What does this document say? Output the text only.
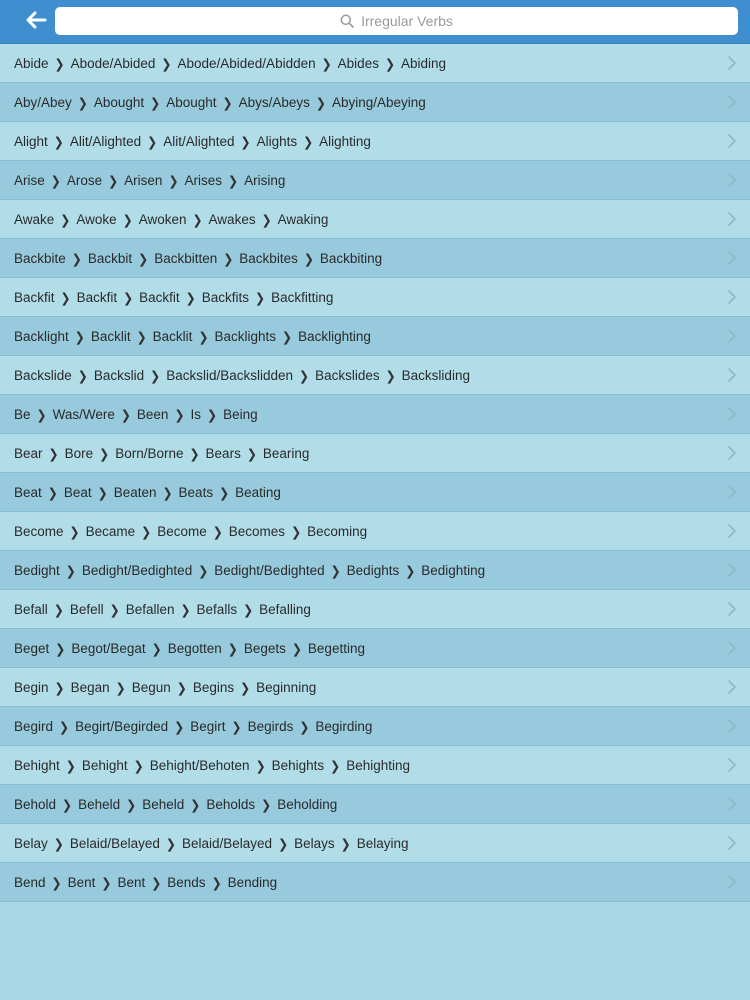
Irregular Verbs
Abide ❯ Abode/Abided ❯ Abode/Abided/Abidden ❯ Abides ❯ Abiding
Aby/Abey ❯ Abought ❯ Abought ❯ Abys/Abeys ❯ Abying/Abeying
Alight ❯ Alit/Alighted ❯ Alit/Alighted ❯ Alights ❯ Alighting
Arise ❯ Arose ❯ Arisen ❯ Arises ❯ Arising
Awake ❯ Awoke ❯ Awoken ❯ Awakes ❯ Awaking
Backbite ❯ Backbit ❯ Backbitten ❯ Backbites ❯ Backbiting
Backfit ❯ Backfit ❯ Backfit ❯ Backfits ❯ Backfitting
Backlight ❯ Backlit ❯ Backlit ❯ Backlights ❯ Backlighting
Backslide ❯ Backslid ❯ Backslid/Backslidden ❯ Backslides ❯ Backsliding
Be ❯ Was/Were ❯ Been ❯ Is ❯ Being
Bear ❯ Bore ❯ Born/Borne ❯ Bears ❯ Bearing
Beat ❯ Beat ❯ Beaten ❯ Beats ❯ Beating
Become ❯ Became ❯ Become ❯ Becomes ❯ Becoming
Bedight ❯ Bedight/Bedighted ❯ Bedight/Bedighted ❯ Bedights ❯ Bedighting
Befall ❯ Befell ❯ Befallen ❯ Befalls ❯ Befalling
Beget ❯ Begot/Begat ❯ Begotten ❯ Begets ❯ Begetting
Begin ❯ Began ❯ Begun ❯ Begins ❯ Beginning
Begird ❯ Begirt/Begirded ❯ Begirt ❯ Begirds ❯ Begirding
Behight ❯ Behight ❯ Behight/Behoten ❯ Behights ❯ Behighting
Behold ❯ Beheld ❯ Beheld ❯ Beholds ❯ Beholding
Belay ❯ Belaid/Belayed ❯ Belaid/Belayed ❯ Belays ❯ Belaying
Bend ❯ Bent ❯ Bent ❯ Bends ❯ Bending
